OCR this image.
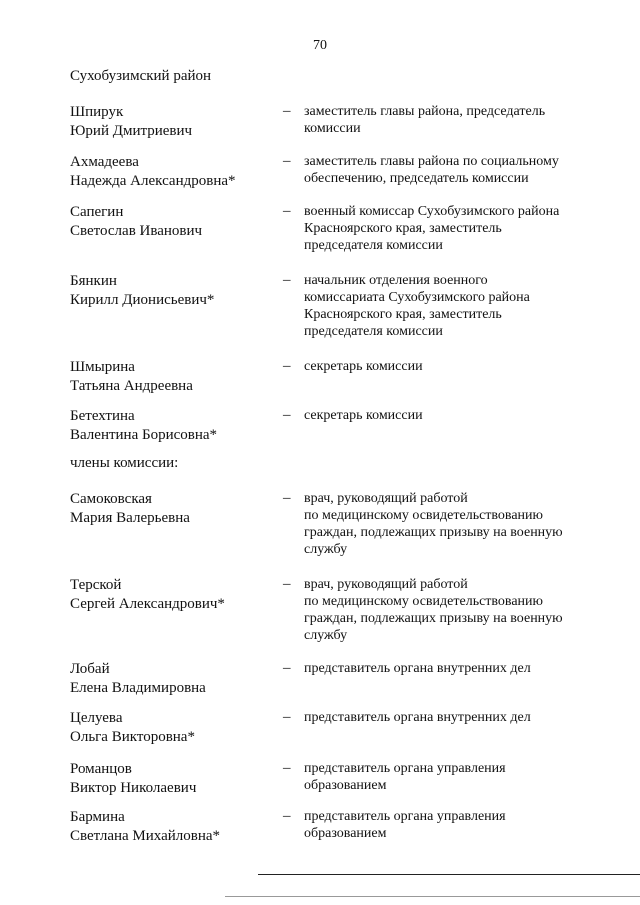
70
Сухобузимский район
Шпирук
Юрий Дмитриевич
– заместитель главы района, председатель
комиссии
Ахмадеева
Надежда Александровна*
– заместитель главы района по социальному
обеспечению, председатель комиссии
Сапегин
Светослав Иванович
– военный комиссар Сухобузимского района
Красноярского края, заместитель
председателя комиссии
Бянкин
Кирилл Дионисьевич*
– начальник отделения военного
комиссариата Сухобузимского района
Красноярского края, заместитель
председателя комиссии
Шмырина
Татьяна Андреевна
– секретарь комиссии
Бетехтина
Валентина Борисовна*
– секретарь комиссии
Самоковская
Мария Валерьевна
– врач, руководящий работой
по медицинскому освидетельствованию
граждан, подлежащих призыву на военную
службу
Терской
Сергей Александрович*
– врач, руководящий работой
по медицинскому освидетельствованию
граждан, подлежащих призыву на военную
службу
Лобай
Елена Владимировна
– представитель органа внутренних дел
Целуева
Ольга Викторовна*
– представитель органа внутренних дел
Романцов
Виктор Николаевич
– представитель органа управления
образованием
Бармина
Светлана Михайловна*
– представитель органа управления
образованием
члены комиссии:
